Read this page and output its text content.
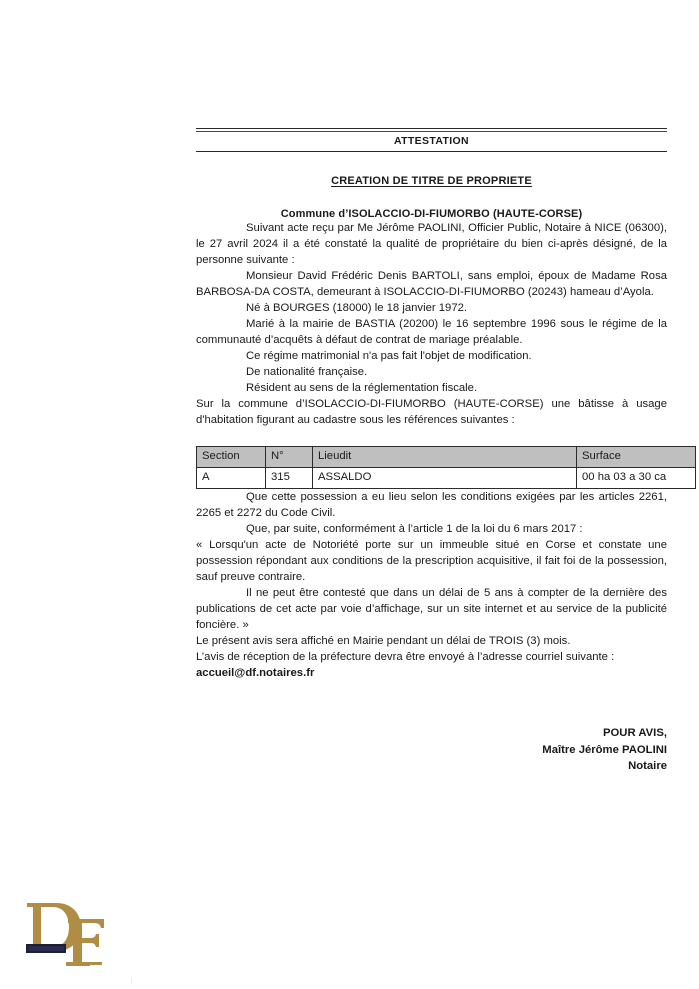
ATTESTATION
CREATION DE TITRE DE PROPRIETE
Commune d’ISOLACCIO-DI-FIUMORBO (HAUTE-CORSE)

Suivant acte reçu par Me Jérôme PAOLINI, Officier Public, Notaire à NICE (06300), le 27 avril 2024 il a été constaté la qualité de propriétaire du bien ci-après désigné, de la personne suivante :

Monsieur David Frédéric Denis BARTOLI, sans emploi, époux de Madame Rosa BARBOSA-DA COSTA, demeurant à ISOLACCIO-DI-FIUMORBO (20243) hameau d’Ayola.

Né à BOURGES (18000) le 18 janvier 1972.

Marié à la mairie de BASTIA (20200) le 16 septembre 1996 sous le régime de la communauté d’acquêts à défaut de contrat de mariage préalable.

Ce régime matrimonial n'a pas fait l'objet de modification.

De nationalité française.

Résident au sens de la réglementation fiscale.

Sur la commune d’ISOLACCIO-DI-FIUMORBO (HAUTE-CORSE) une bâtisse à usage d'habitation figurant au cadastre sous les références suivantes :

Section	N°	Lieudit	Surface
A	315	ASSALDO	00 ha 03 a 30 ca

Que cette possession a eu lieu selon les conditions exigées par les articles 2261, 2265 et 2272 du Code Civil.

Que, par suite, conformément à l’article 1 de la loi du 6 mars 2017 :

« Lorsqu'un acte de Notoriété porte sur un immeuble situé en Corse et constate une possession répondant aux conditions de la prescription acquisitive, il fait foi de la possession, sauf preuve contraire.

Il ne peut être contesté que dans un délai de 5 ans à compter de la dernière des publications de cet acte par voie d’affichage, sur un site internet et au service de la publicité foncière. »

Le présent avis sera affiché en Mairie pendant un délai de TROIS (3) mois.

L’avis de réception de la préfecture devra être envoyé à l’adresse courriel suivante :

accueil@df.notaires.fr

POUR AVIS,
Maître Jérôme PAOLINI
Notaire
